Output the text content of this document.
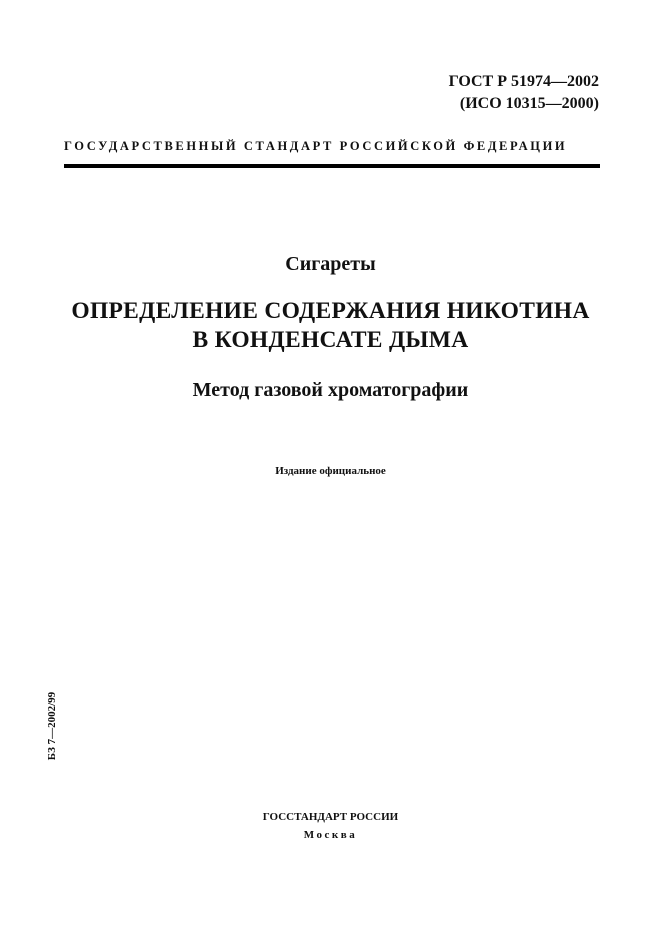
ГОСТ Р 51974—2002
(ИСО 10315—2000)
ГОСУДАРСТВЕННЫЙ СТАНДАРТ РОССИЙСКОЙ ФЕДЕРАЦИИ
Сигареты
ОПРЕДЕЛЕНИЕ СОДЕРЖАНИЯ НИКОТИНА
В КОНДЕНСАТЕ ДЫМА
Метод газовой хроматографии
Издание официальное
БЗ 7—2002/99
ГОССТАНДАРТ РОССИИ
Москва
